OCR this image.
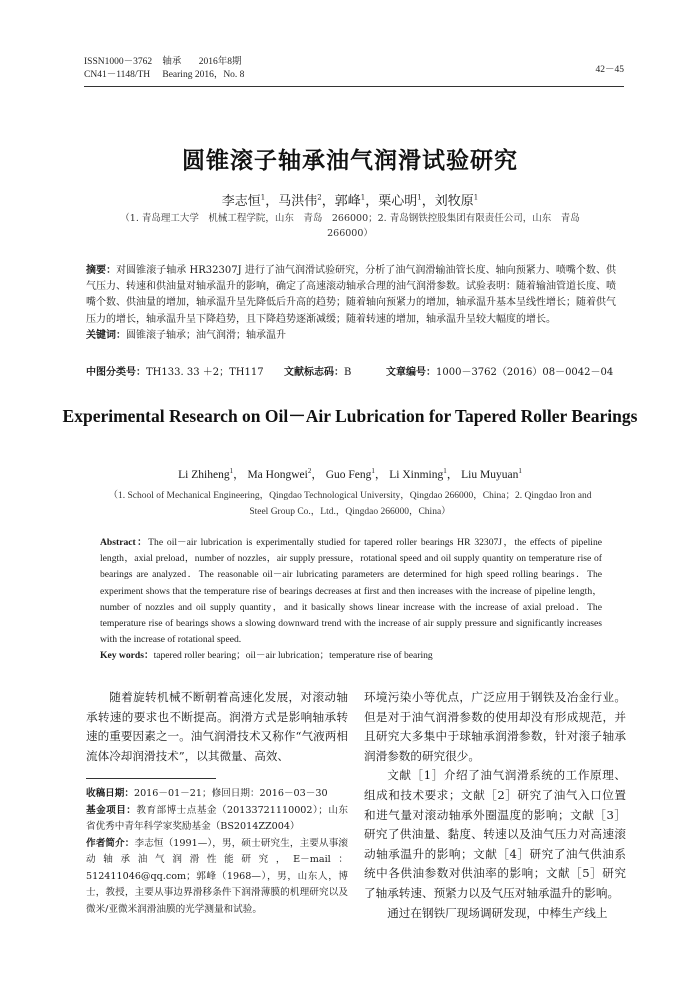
ISSN1000－3762 轴承 2016年8期
CN41－1148/TH Bearing 2016，No. 8	42－45
圆锥滚子轴承油气润滑试验研究
李志恒$^1$，马洪伟$^2$，郭峰$^1$，栗心明$^1$，刘牧原$^1$
（1. 青岛理工大学　机械工程学院，山东　青岛　266000；2. 青岛钢铁控股集团有限责任公司，山东　青岛　266000）

摘要：对圆锥滚子轴承 HR32307J 进行了油气润滑试验研究，分析了油气润滑输油管长度、轴向预紧力、喷嘴个数、供气压力、转速和供油量对轴承温升的影响，确定了高速滚动轴承合理的油气润滑参数。试验表明：随着输油管道长度、喷嘴个数、供油量的增加，轴承温升呈先降低后升高的趋势；随着轴向预紧力的增加，轴承温升基本呈线性增长；随着供气压力的增长，轴承温升呈下降趋势，且下降趋势逐渐减缓；随着转速的增加，轴承温升呈较大幅度的增长。

关键词：圆锥滚子轴承；油气润滑；轴承温升

中图分类号：TH133. 33 ＋2；TH117 文献标志码：B	文章编号：1000－3762（2016）08－0042－04
Experimental Research on Oil－Air Lubrication for Tapered Roller Bearings
Li Zhiheng$^1$， Ma Hongwei$^2$， Guo Feng$^1$， Li Xinming$^1$， Liu Muyuan$^1$
（1. School of Mechanical Engineering，Qingdao Technological University，Qingdao 266000，China；2. Qingdao Iron and Steel Group Co.，Ltd.，Qingdao 266000，China）

Abstract：The oil－air lubrication is experimentally studied for tapered roller bearings HR 32307J，the effects of pipeline length，axial preload，number of nozzles，air supply pressure，rotational speed and oil supply quantity on temperature rise of bearings are analyzed．The reasonable oil－air lubricating parameters are determined for high speed rolling bearings．The experiment shows that the temperature rise of bearings decreases at first and then increases with the increase of pipeline length，number of nozzles and oil supply quantity，and it basically shows linear increase with the increase of axial preload．The temperature rise of bearings shows a slowing downward trend with the increase of air supply pressure and significantly increases with the increase of rotational speed.

Key words：tapered roller bearing；oil－air lubrication；temperature rise of bearing

随着旋转机械不断朝着高速化发展，对滚动轴承转速的要求也不断提高。润滑方式是影响轴承转速的重要因素之一。油气润滑技术又称作“气液两相流体冷却润滑技术”，以其微量、高效、

收稿日期：2016－01－21；修回日期：2016－03－30

基金项目：教育部博士点基金（20133721110002）；山东省优秀中青年科学家奖励基金（BS2014ZZ004）

作者简介：李志恒（1991—），男，硕士研究生，主要从事滚动轴承油气润滑性能研究，E－mail：512411046@qq.com；郭峰（1968—），男，山东人，博士，教授，主要从事边界滑移条件下润滑薄膜的机理研究以及微米/亚微米润滑油膜的光学测量和试验。

环境污染小等优点，广泛应用于钢铁及冶金行业。但是对于油气润滑参数的使用却没有形成规范，并且研究大多集中于球轴承润滑参数，针对滚子轴承润滑参数的研究很少。

文献［1］介绍了油气润滑系统的工作原理、组成和技术要求；文献［2］研究了油气入口位置和进气量对滚动轴承外圈温度的影响；文献［3］研究了供油量、黏度、转速以及油气压力对高速滚动轴承温升的影响；文献［4］研究了油气供油系统中各供油参数对供油率的影响；文献［5］研究了轴承转速、预紧力以及气压对轴承温升的影响。

通过在钢铁厂现场调研发现，中棒生产线上
